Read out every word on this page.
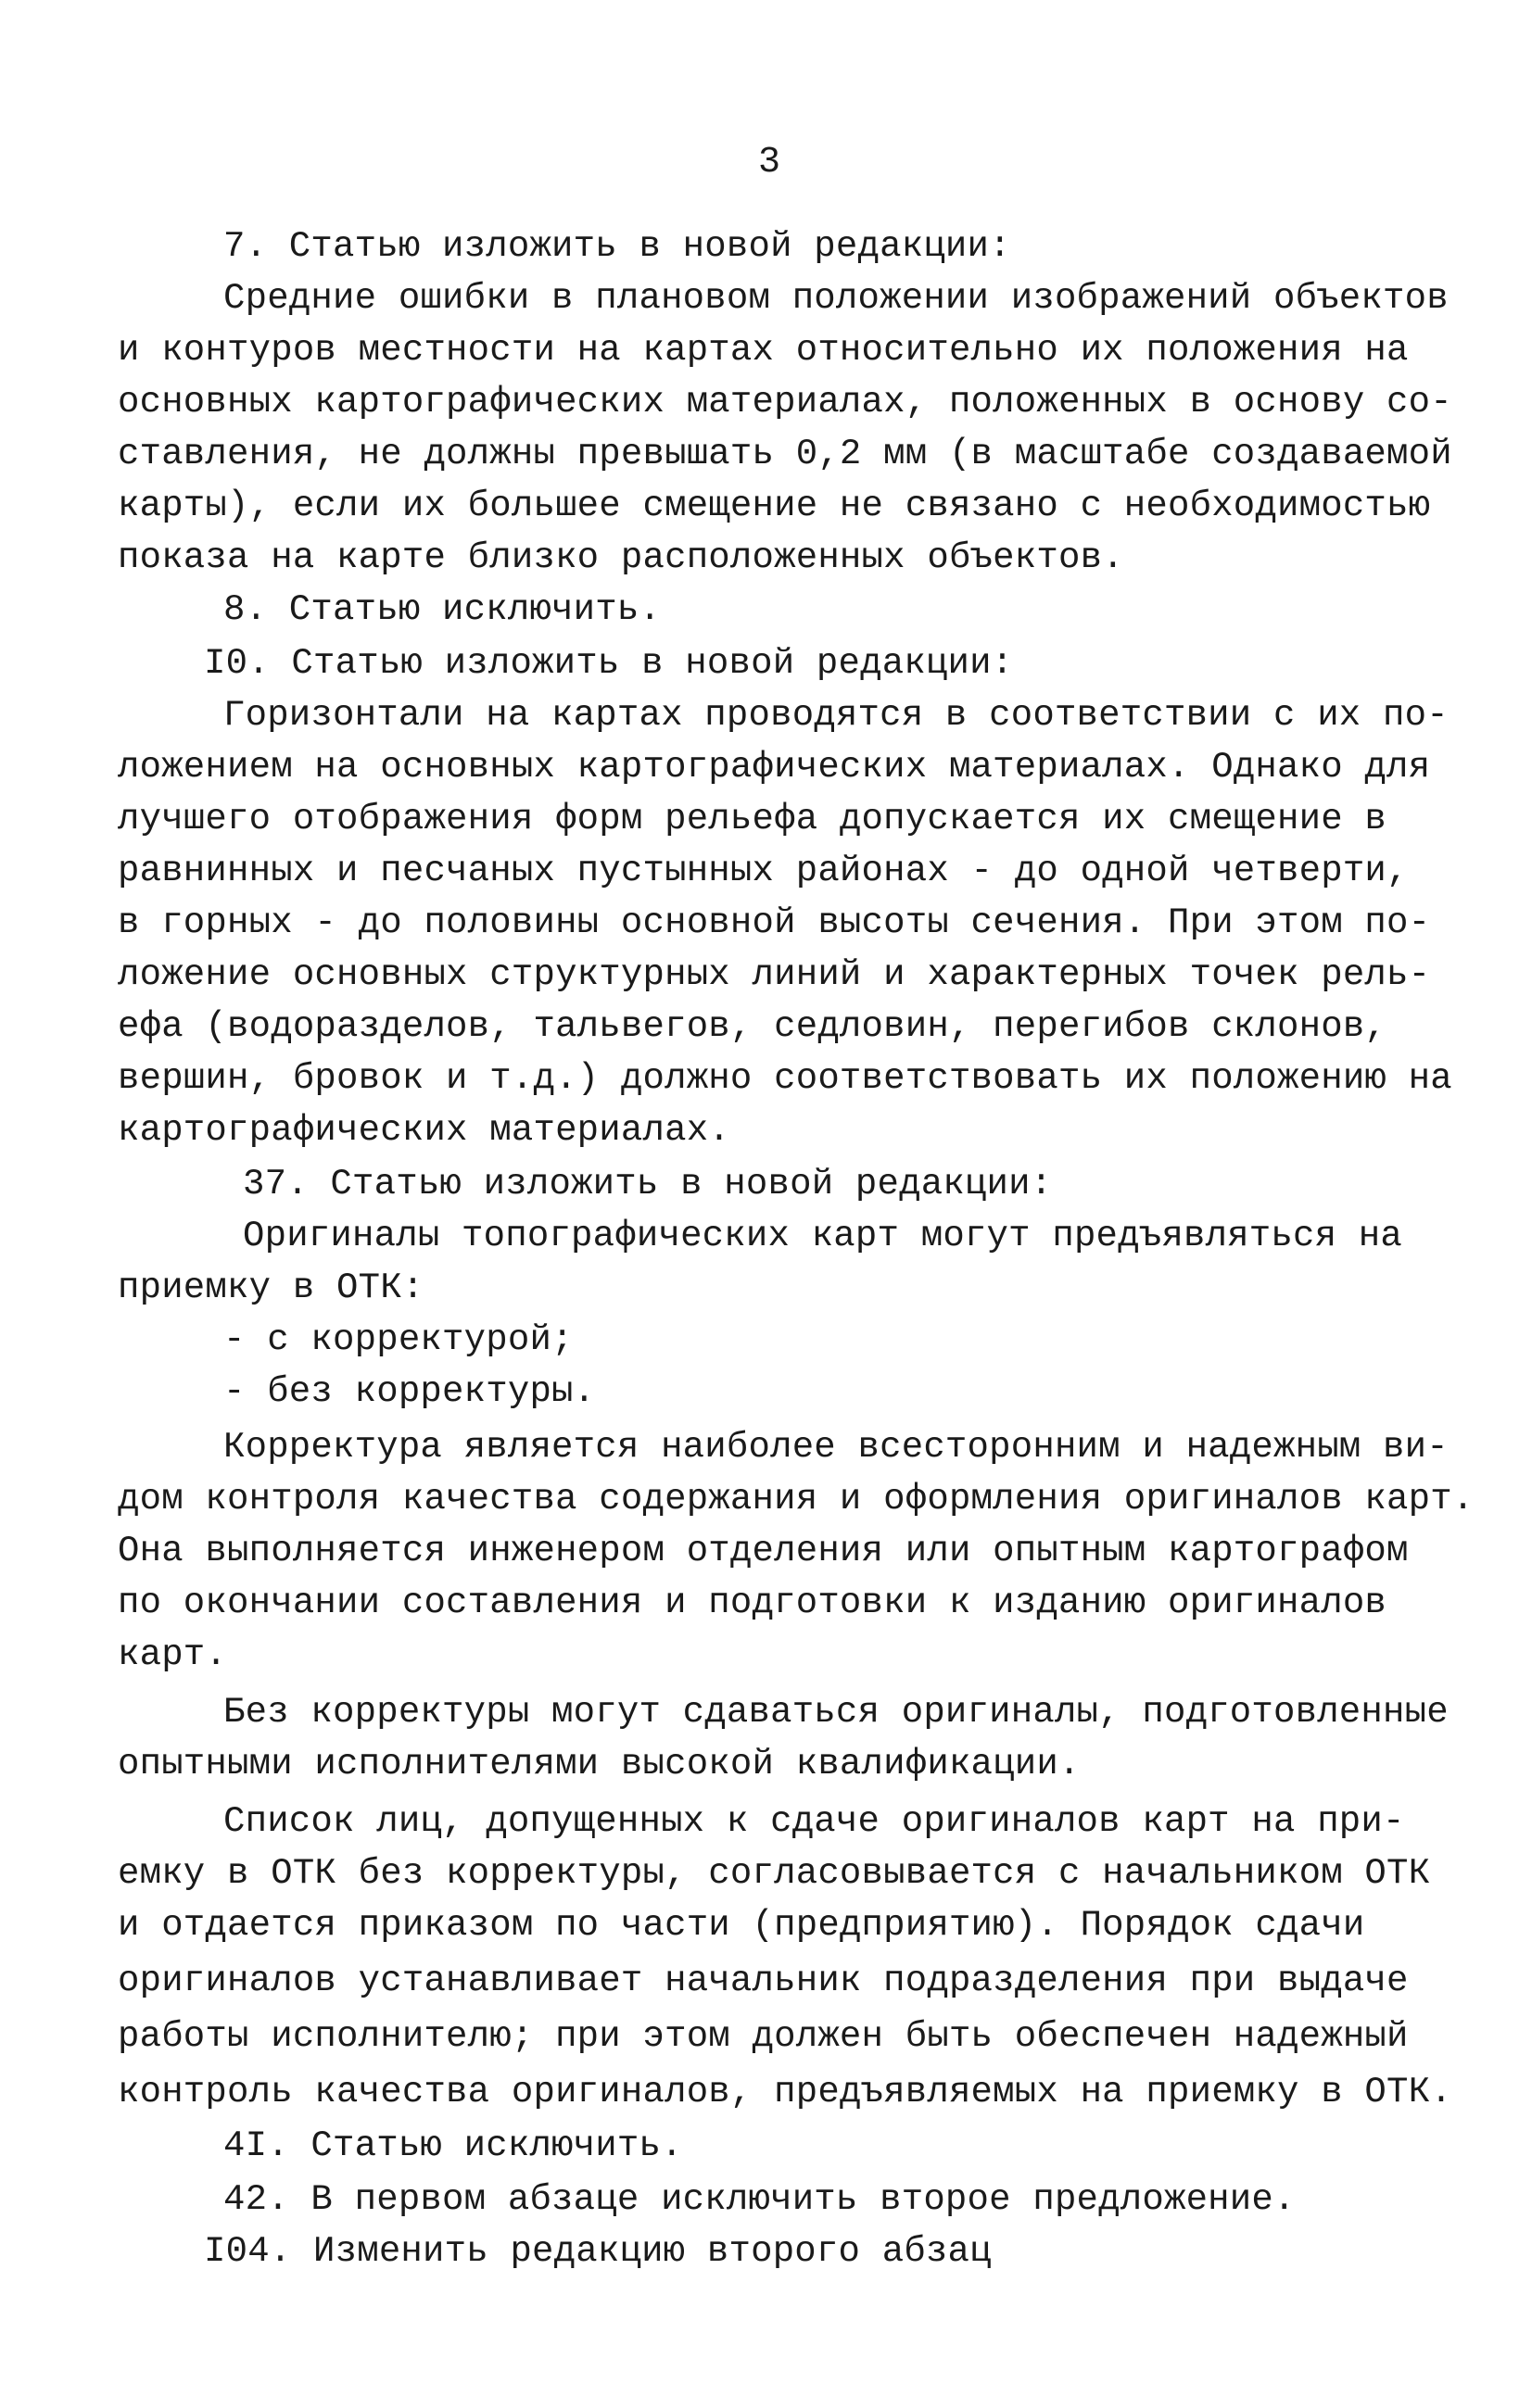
3
7. Статью изложить в новой редакции:
Средние ошибки в плановом положении изображений объектов
и контуров местности на картах относительно их положения на
основных картографических материалах, положенных в основу со-
ставления, не должны превышать 0,2 мм (в масштабе создаваемой
карты), если их большее смещение не связано с необходимостью
показа на карте близко расположенных объектов.
8. Статью исключить.
I0. Статью изложить в новой редакции:
Горизонтали на картах проводятся в соответствии с их по-
ложением на основных картографических материалах. Однако для
лучшего отображения форм рельефа допускается их смещение в
равнинных и песчаных пустынных районах - до одной четверти,
в горных - до половины основной высоты сечения. При этом по-
ложение основных структурных линий и характерных точек рель-
ефа (водоразделов, тальвегов, седловин, перегибов склонов,
вершин, бровок и т.д.) должно соответствовать их положению на
картографических материалах.
37. Статью изложить в новой редакции:
Оригиналы топографических карт могут предъявляться на
приемку в ОТК:
- с корректурой;
- без корректуры.
Корректура является наиболее всесторонним и надежным ви-
дом контроля качества содержания и оформления оригиналов карт.
Она выполняется инженером отделения или опытным картографом
по окончании составления и подготовки к изданию оригиналов
карт.
Без корректуры могут сдаваться оригиналы, подготовленные
опытными исполнителями высокой квалификации.
Список лиц, допущенных к сдаче оригиналов карт на при-
емку в ОТК без корректуры, согласовывается с начальником ОТК
и отдается приказом по части (предприятию). Порядок сдачи
оригиналов устанавливает начальник подразделения при выдаче
работы исполнителю; при этом должен быть обеспечен надежный
контроль качества оригиналов, предъявляемых на приемку в ОТК.
4I. Статью исключить.
42. В первом абзаце исключить второе предложение.
I04. Изменить редакцию второго абзац
